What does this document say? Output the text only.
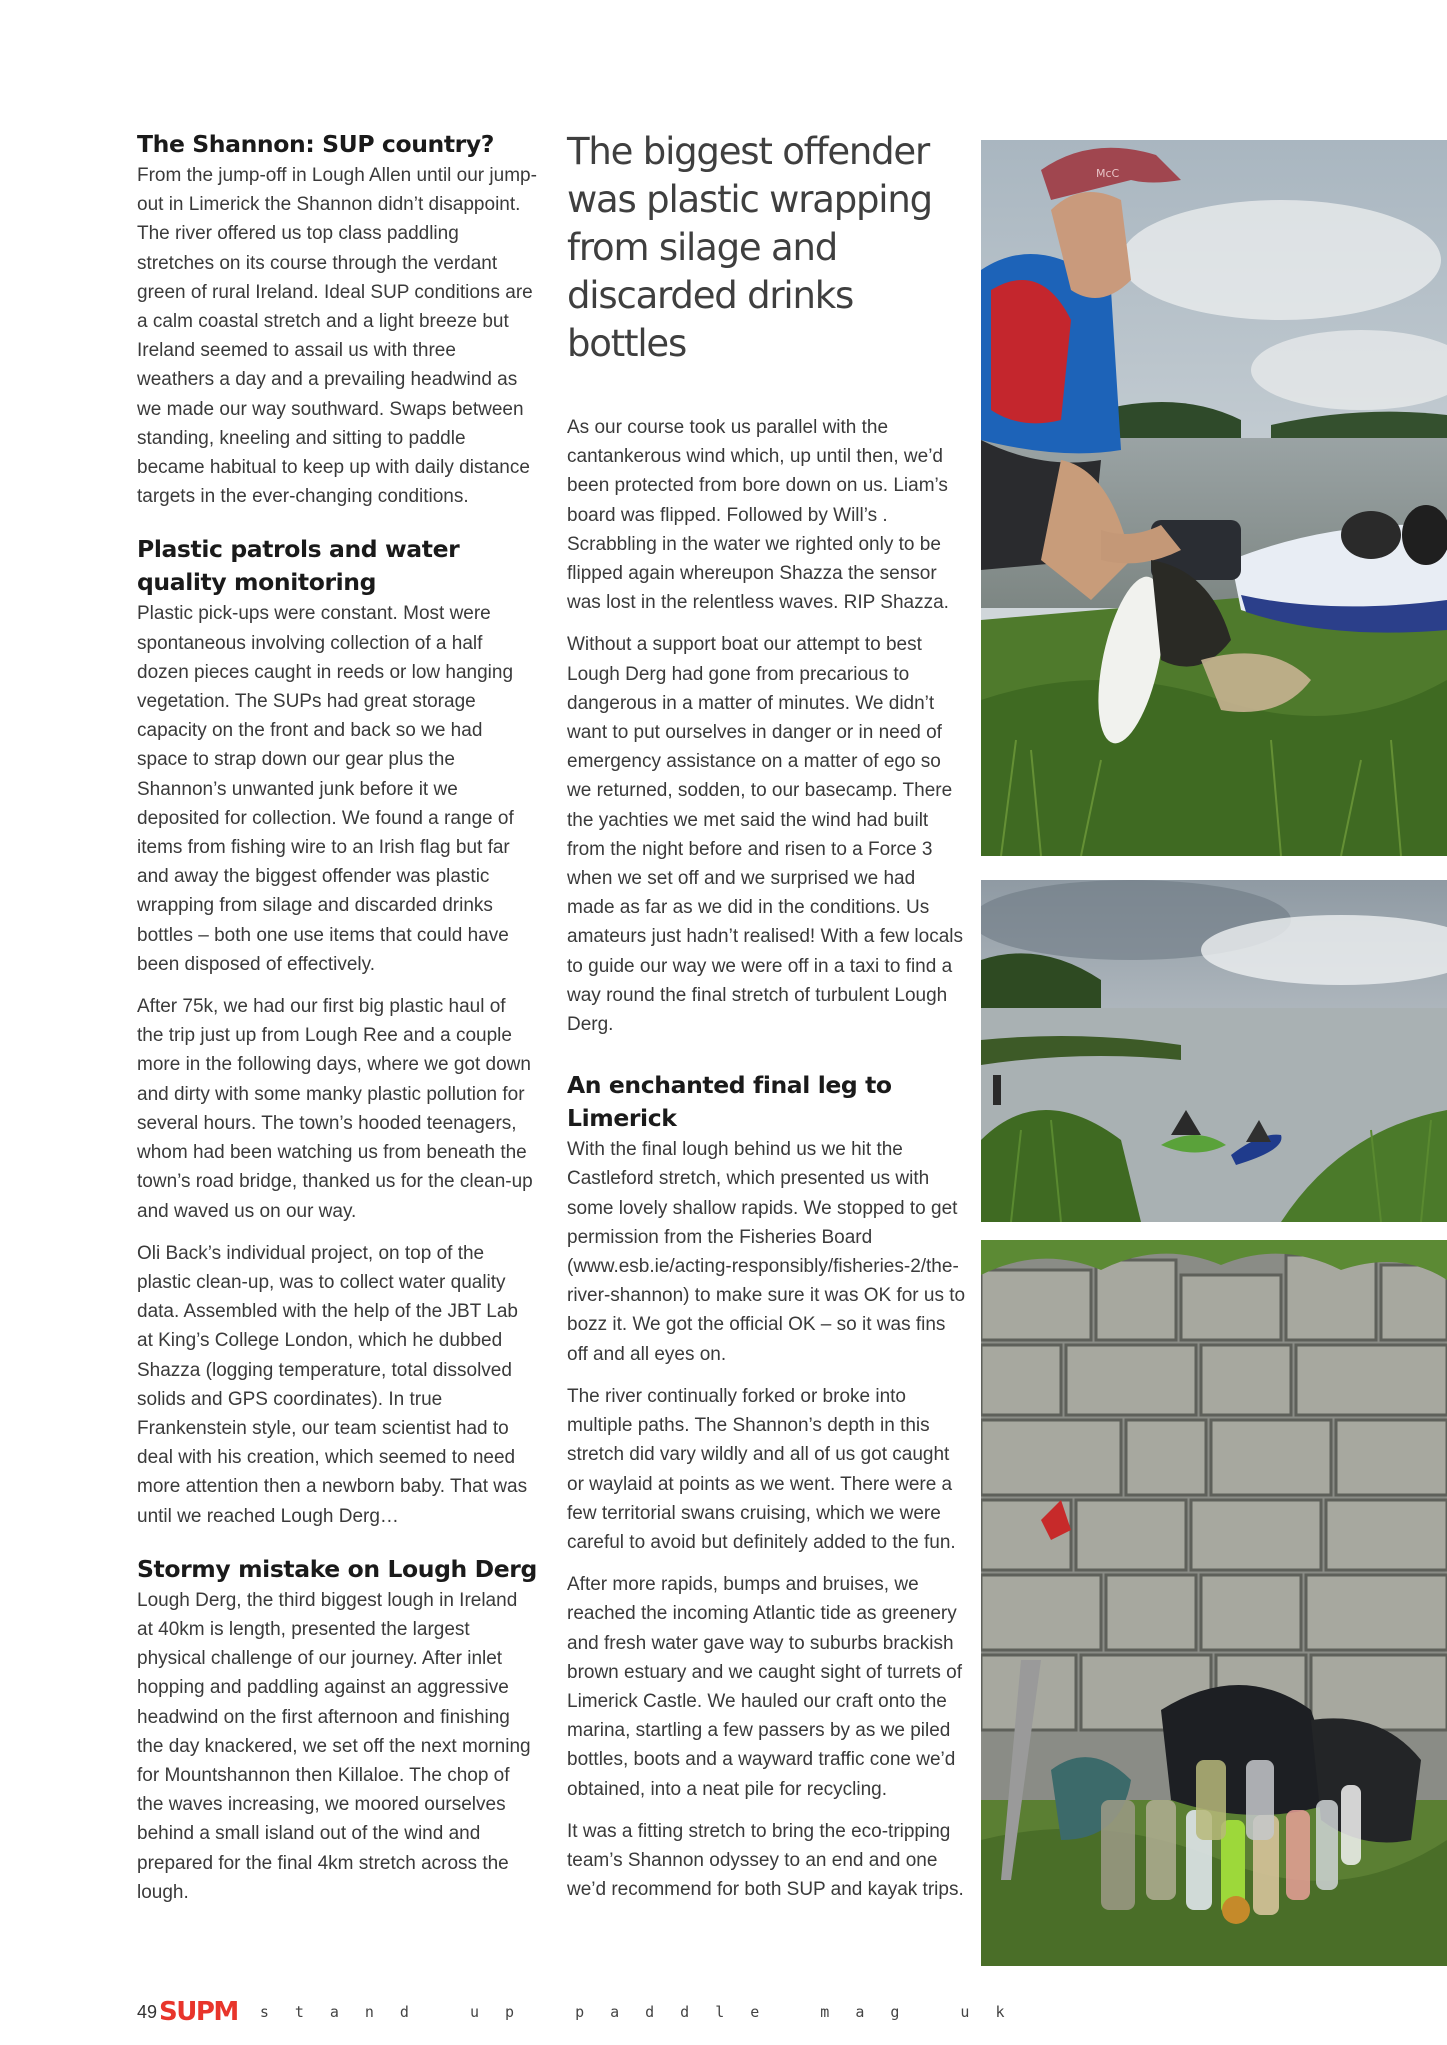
The Shannon: SUP country?

From the jump-off in Lough Allen until our jump-out in Limerick the Shannon didn’t disappoint. The river offered us top class paddling stretches on its course through the verdant green of rural Ireland. Ideal SUP conditions are a calm coastal stretch and a light breeze but Ireland seemed to assail us with three weathers a day and a prevailing headwind as we made our way southward. Swaps between standing, kneeling and sitting to paddle became habitual to keep up with daily distance targets in the ever-changing conditions.

Plastic patrols and water quality monitoring

Plastic pick-ups were constant. Most were spontaneous involving collection of a half dozen pieces caught in reeds or low hanging vegetation. The SUPs had great storage capacity on the front and back so we had space to strap down our gear plus the Shannon’s unwanted junk before it we deposited for collection. We found a range of items from fishing wire to an Irish flag but far and away the biggest offender was plastic wrapping from silage and discarded drinks bottles – both one use items that could have been disposed of effectively.

After 75k, we had our first big plastic haul of the trip just up from Lough Ree and a couple more in the following days, where we got down and dirty with some manky plastic pollution for several hours. The town’s hooded teenagers, whom had been watching us from beneath the town’s road bridge, thanked us for the clean-up and waved us on our way.

Oli Back’s individual project, on top of the plastic clean-up, was to collect water quality data. Assembled with the help of the JBT Lab at King’s College London, which he dubbed Shazza (logging temperature, total dissolved solids and GPS coordinates). In true Frankenstein style, our team scientist had to deal with his creation, which seemed to need more attention then a newborn baby. That was until we reached Lough Derg…

Stormy mistake on Lough Derg

Lough Derg, the third biggest lough in Ireland at 40km is length, presented the largest physical challenge of our journey. After inlet hopping and paddling against an aggressive headwind on the first afternoon and finishing the day knackered, we set off the next morning for Mountshannon then Killaloe. The chop of the waves increasing, we moored ourselves behind a small island out of the wind and prepared for the final 4km stretch across the lough.

The biggest offender was plastic wrapping from silage and discarded drinks bottles

As our course took us parallel with the cantankerous wind which, up until then, we’d been protected from bore down on us. Liam’s board was flipped. Followed by Will’s . Scrabbling in the water we righted only to be flipped again whereupon Shazza the sensor was lost in the relentless waves. RIP Shazza.

Without a support boat our attempt to best Lough Derg had gone from precarious to dangerous in a matter of minutes. We didn’t want to put ourselves in danger or in need of emergency assistance on a matter of ego so we returned, sodden, to our basecamp. There the yachties we met said the wind had built from the night before and risen to a Force 3 when we set off and we surprised we had made as far as we did in the conditions. Us amateurs just hadn’t realised! With a few locals to guide our way we were off in a taxi to find a way round the final stretch of turbulent Lough Derg.

An enchanted final leg to Limerick

With the final lough behind us we hit the Castleford stretch, which presented us with some lovely shallow rapids. We stopped to get permission from the Fisheries Board (www.esb.ie/acting-responsibly/fisheries-2/the-river-shannon) to make sure it was OK for us to bozz it. We got the official OK – so it was fins off and all eyes on.

The river continually forked or broke into multiple paths. The Shannon’s depth in this stretch did vary wildly and all of us got caught or waylaid at points as we went. There were a few territorial swans cruising, which we were careful to avoid but definitely added to the fun.

After more rapids, bumps and bruises, we reached the incoming Atlantic tide as greenery and fresh water gave way to suburbs brackish brown estuary and we caught sight of turrets of Limerick Castle. We hauled our craft onto the marina, startling a few passers by as we piled bottles, boots and a wayward traffic cone we’d obtained, into a neat pile for recycling.

It was a fitting stretch to bring the eco-tripping team’s Shannon odyssey to an end and one we’d recommend for both SUP and kayak trips.

McC
49 SUPM stand up paddle mag uk
